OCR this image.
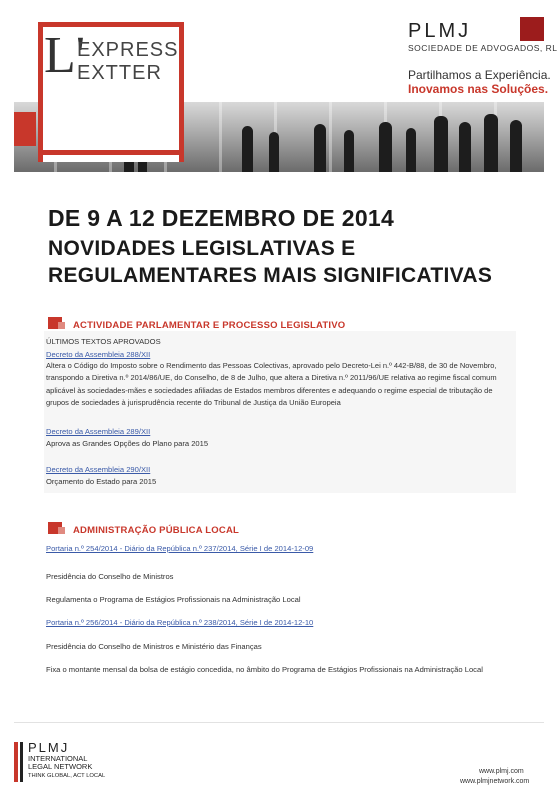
L'
EXPRESS
EXTTER
PLMJ
SOCIEDADE DE ADVOGADOS, RL
Partilhamos a Experiência.
Inovamos nas Soluções.
DE 9 A 12 DEZEMBRO DE 2014
NOVIDADES LEGISLATIVAS E
REGULAMENTARES MAIS SIGNIFICATIVAS
ACTIVIDADE PARLAMENTAR E PROCESSO LEGISLATIVO
ÚLTIMOS TEXTOS APROVADOS
Decreto da Assembleia 288/XII
Altera o Código do Imposto sobre o Rendimento das Pessoas Colectivas, aprovado pelo Decreto-Lei n.º 442-B/88, de 30 de Novembro, transpondo a Diretiva n.º 2014/86/UE, do Conselho, de 8 de Julho, que altera a Diretiva n.º 2011/96/UE relativa ao regime fiscal comum aplicável às sociedades-mães e sociedades afiliadas de Estados membros diferentes e adequando o regime especial de tributação de grupos de sociedades à jurisprudência recente do Tribunal de Justiça da União Europeia
Decreto da Assembleia 289/XII
Aprova as Grandes Opções do Plano para 2015
Decreto da Assembleia 290/XII
Orçamento do Estado para 2015
ADMINISTRAÇÃO PÚBLICA LOCAL
Portaria n.º 254/2014 - Diário da República n.º 237/2014, Série I de 2014-12-09
Presidência do Conselho de Ministros
Regulamenta o Programa de Estágios Profissionais na Administração Local
Portaria n.º 256/2014 - Diário da República n.º 238/2014, Série I de 2014-12-10
Presidência do Conselho de Ministros e Ministério das Finanças
Fixa o montante mensal da bolsa de estágio concedida, no âmbito do Programa de Estágios Profissionais na Administração Local
PLMJ
INTERNATIONAL
LEGAL NETWORK
THINK GLOBAL, ACT LOCAL
www.plmj.com
www.plmjnetwork.com
